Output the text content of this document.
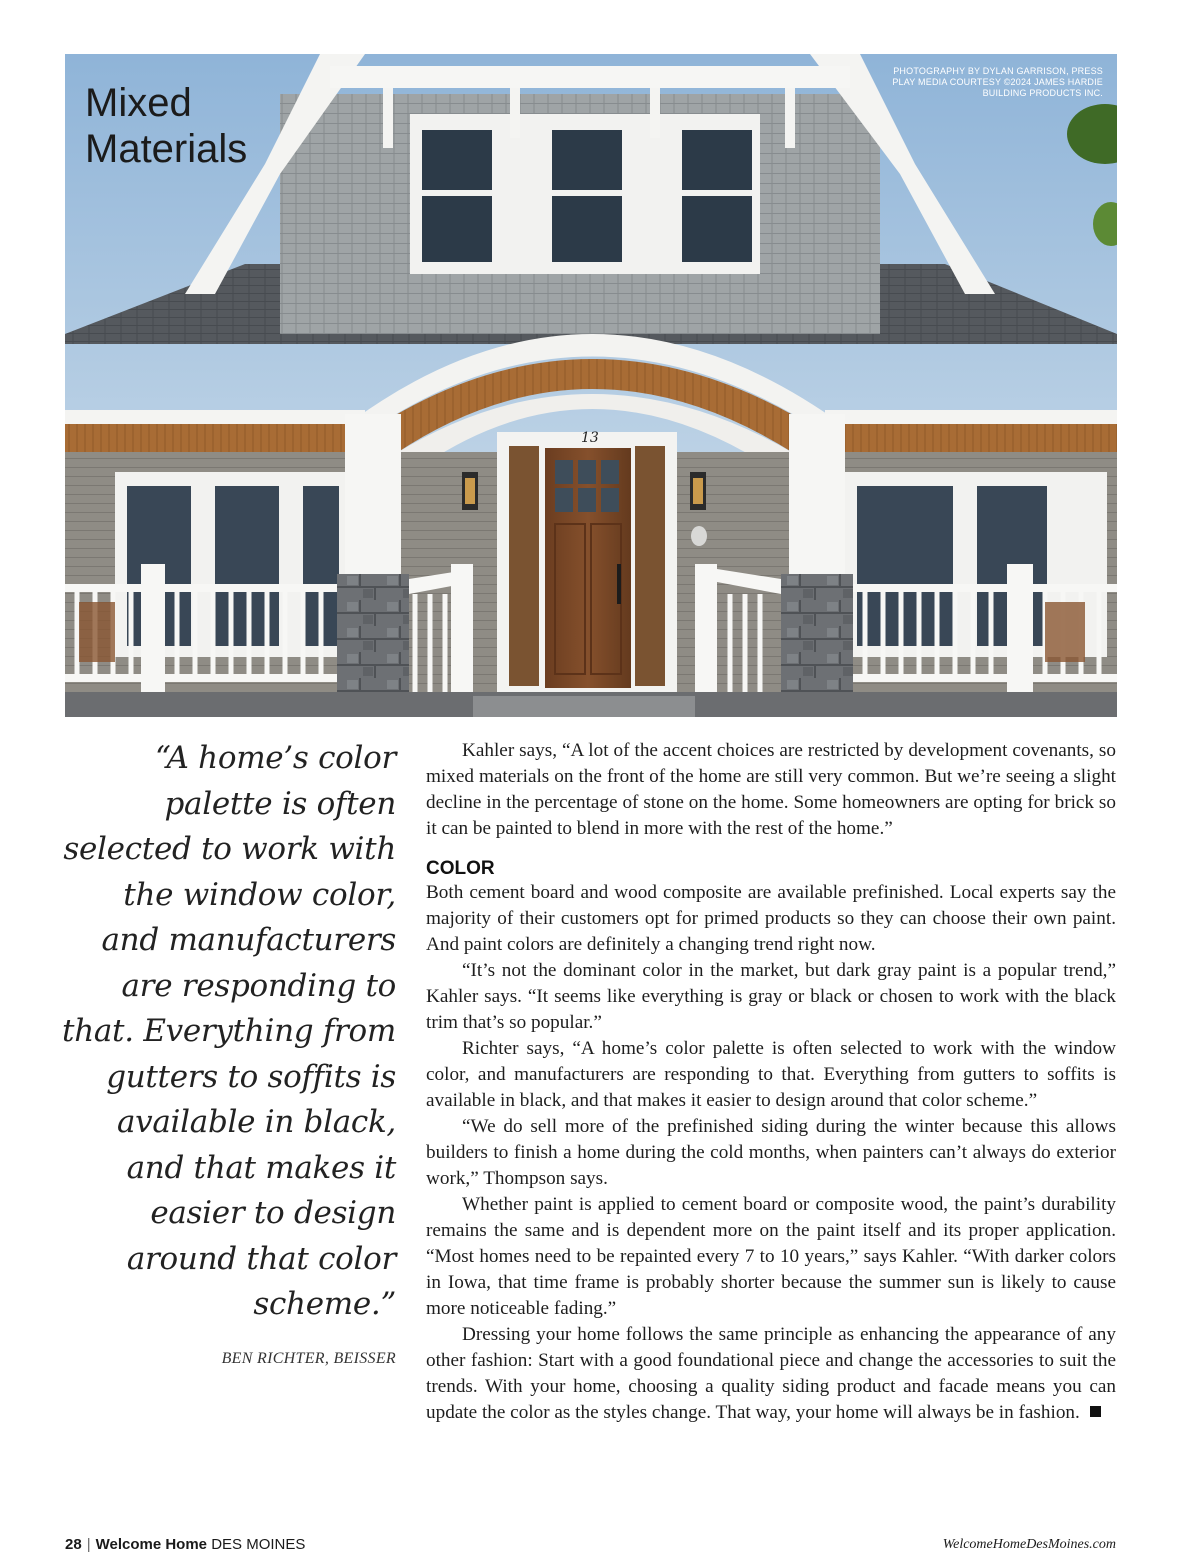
13
Mixed
Materials
PHOTOGRAPHY BY DYLAN GARRISON, PRESS PLAY MEDIA COURTESY ©2024 JAMES HARDIE BUILDING PRODUCTS INC.

“A home’s color palette is often selected to work with the window color, and manufacturers are responding to that. Everything from gutters to soffits is available in black, and that makes it easier to design around that color scheme.”

BEN RICHTER, BEISSER

Kahler says, “A lot of the accent choices are restricted by development covenants, so mixed materials on the front of the home are still very common. But we’re seeing a slight decline in the percentage of stone on the home. Some homeowners are opting for brick so it can be painted to blend in more with the rest of the home.”

COLOR

Both cement board and wood composite are available prefinished. Local experts say the majority of their customers opt for primed products so they can choose their own paint. And paint colors are definitely a changing trend right now.

“It’s not the dominant color in the market, but dark gray paint is a popular trend,” Kahler says. “It seems like everything is gray or black or chosen to work with the black trim that’s so popular.”

Richter says, “A home’s color palette is often selected to work with the window color, and manufacturers are responding to that. Everything from gutters to soffits is available in black, and that makes it easier to design around that color scheme.”

“We do sell more of the prefinished siding during the winter because this allows builders to finish a home during the cold months, when painters can’t always do exterior work,” Thompson says.

Whether paint is applied to cement board or composite wood, the paint’s durability remains the same and is dependent more on the paint itself and its proper application. “Most homes need to be repainted every 7 to 10 years,” says Kahler. “With darker colors in Iowa, that time frame is probably shorter because the summer sun is likely to cause more noticeable fading.”

Dressing your home follows the same principle as enhancing the appearance of any other fashion: Start with a good foundational piece and change the accessories to suit the trends. With your home, choosing a quality siding product and facade means you can update the color as the styles change. That way, your home will always be in fashion.

28 | Welcome Home DES MOINES	WelcomeHomeDesMoines.com
